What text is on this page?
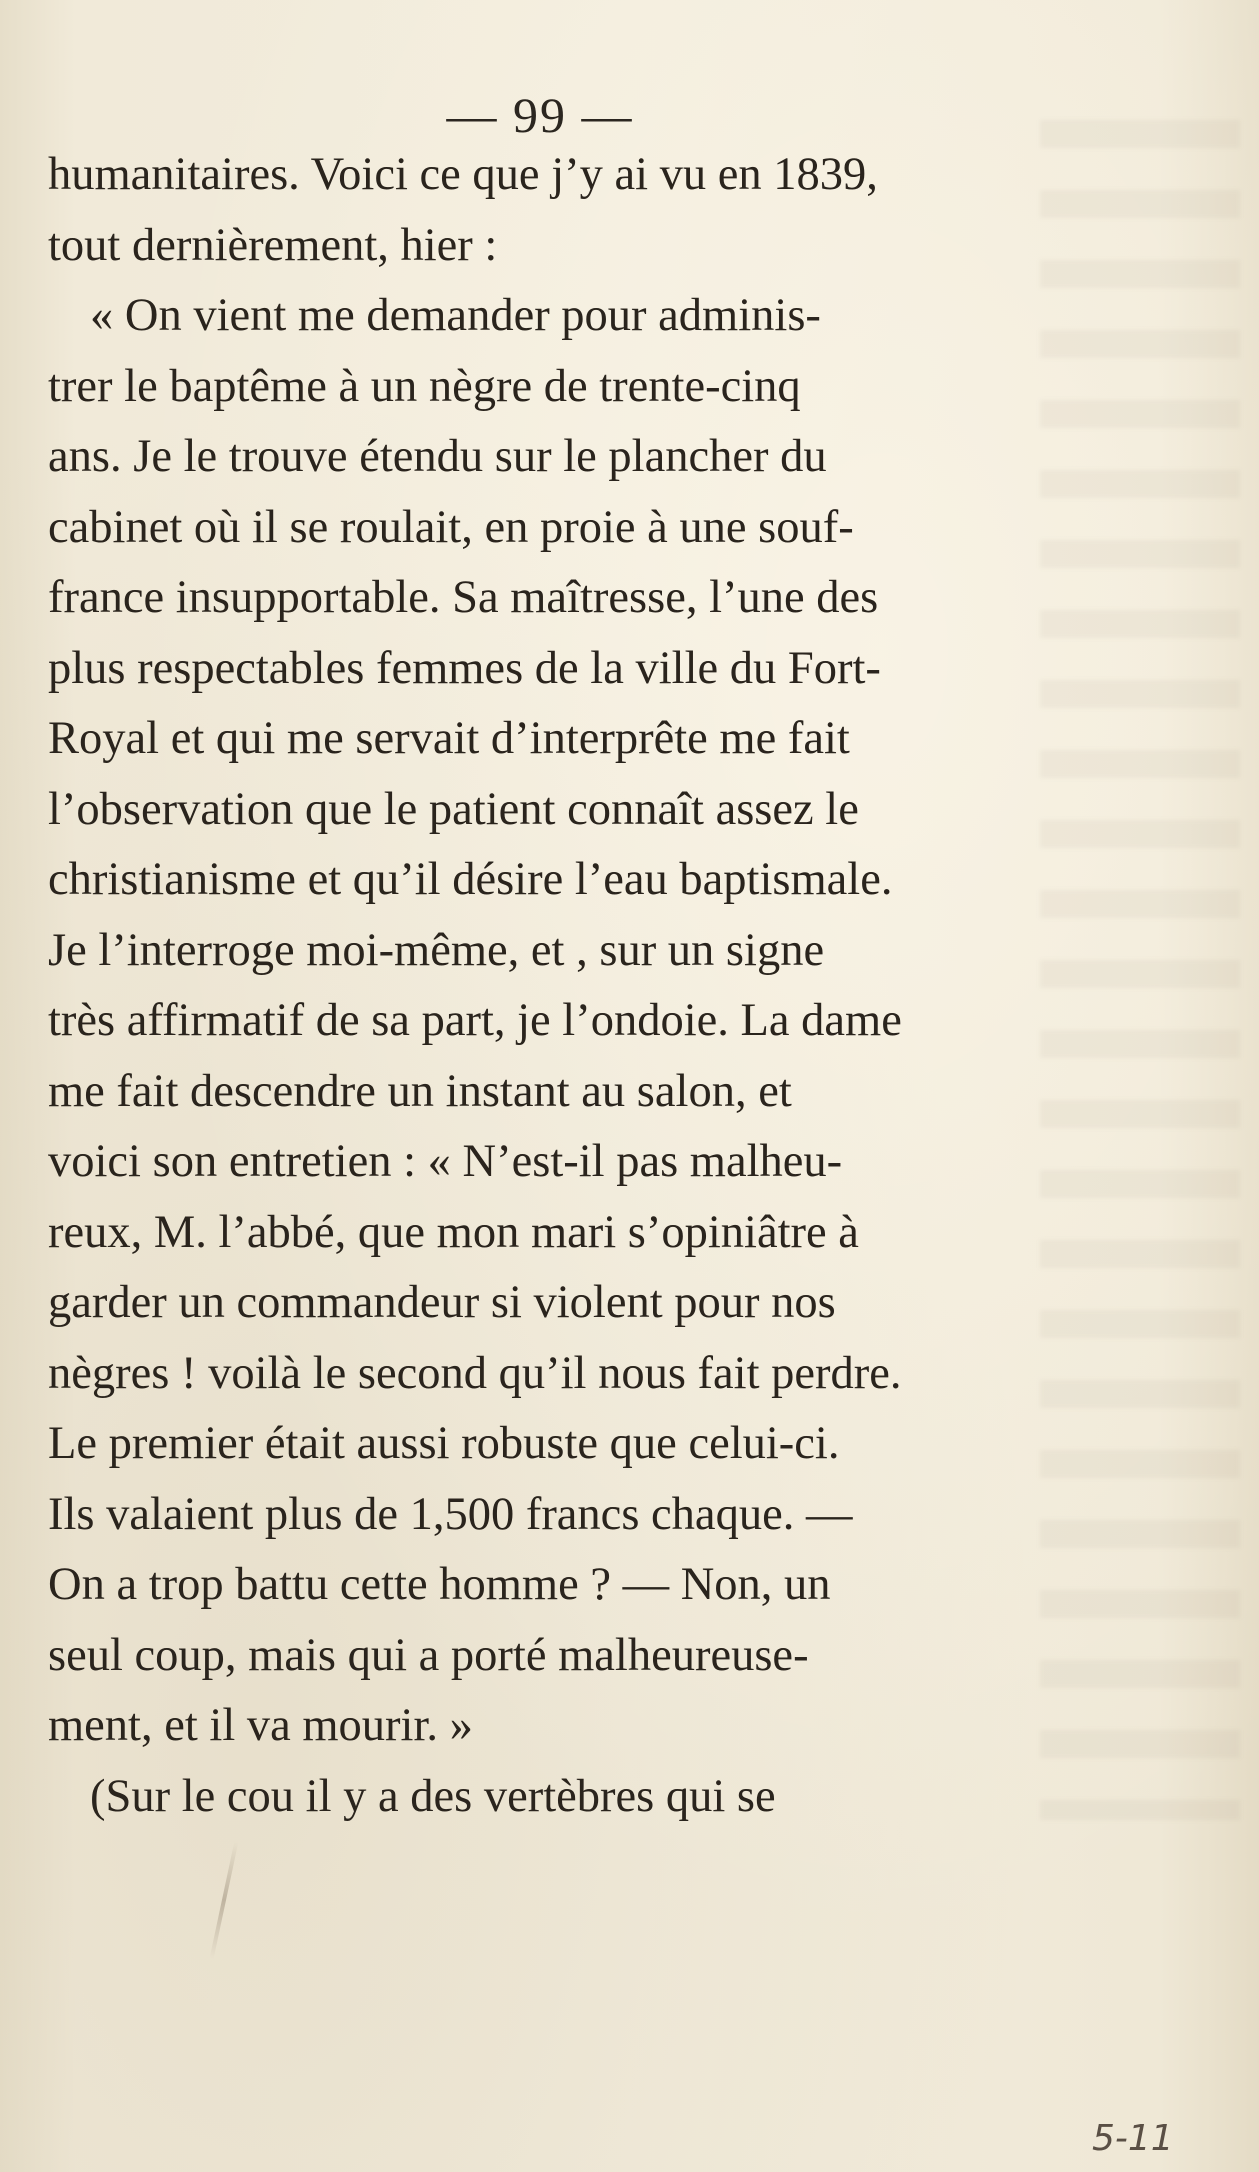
— 99 —
humanitaires. Voici ce que j’y ai vu en 1839,
tout dernièrement, hier :
« On vient me demander pour adminis-
trer le baptême à un nègre de trente-cinq
ans. Je le trouve étendu sur le plancher du
cabinet où il se roulait, en proie à une souf-
france insupportable. Sa maîtresse, l’une des
plus respectables femmes de la ville du Fort-
Royal et qui me servait d’interprête me fait
l’observation que le patient connaît assez le
christianisme et qu’il désire l’eau baptismale.
Je l’interroge moi-même, et , sur un signe
très affirmatif de sa part, je l’ondoie. La dame
me fait descendre un instant au salon, et
voici son entretien : « N’est-il pas malheu-
reux, M. l’abbé, que mon mari s’opiniâtre à
garder un commandeur si violent pour nos
nègres ! voilà le second qu’il nous fait perdre.
Le premier était aussi robuste que celui-ci.
Ils valaient plus de 1,500 francs chaque. —
On a trop battu cette homme ? — Non, un
seul coup, mais qui a porté malheureuse-
ment, et il va mourir. »
(Sur le cou il y a des vertèbres qui se
5-11
